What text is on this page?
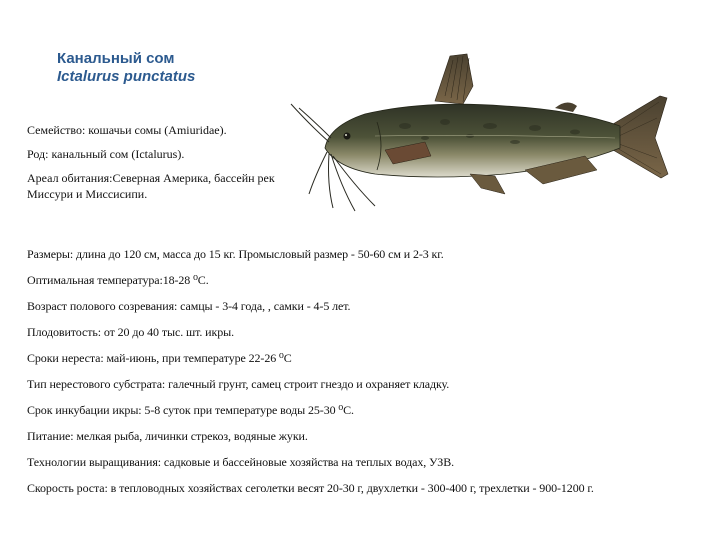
Канальный сом
Ictalurus punctatus

Семейство: кошачьи сомы (Amiuridae).

Род: канальный сом (Ictalurus).

Ареал обитания:Северная Америка, бассейн рек Миссури и Миссисипи.

Размеры: длина до 120 см, масса до 15 кг. Промысловый размер - 50-60 см и 2-3 кг.

Оптимальная температура:18-28 ⁰С.

Возраст полового созревания: самцы - 3-4 года, , самки - 4-5 лет.

Плодовитость: от 20 до 40 тыс. шт. икры.

Сроки нереста: май-июнь, при температуре 22-26 ⁰С

Тип нерестового субстрата: галечный грунт, самец строит гнездо и охраняет кладку.

Срок инкубации икры: 5-8 суток при температуре воды 25-30 ⁰С.

Питание: мелкая рыба, личинки стрекоз, водяные жуки.

Технологии выращивания: садковые и бассейновые хозяйства на теплых водах, УЗВ.

Скорость роста: в тепловодных хозяйствах сеголетки весят 20-30 г, двухлетки - 300-400 г, трехлетки - 900-1200 г.
